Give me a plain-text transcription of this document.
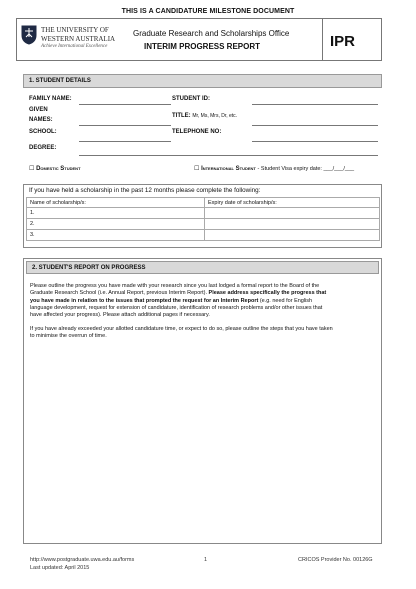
THIS IS A CANDIDATURE MILESTONE DOCUMENT
THE UNIVERSITY OF
WESTERN AUSTRALIA
Achieve International Excellence
Graduate Research and Scholarships Office
INTERIM PROGRESS REPORT	IPR
1. STUDENT DETAILS
FAMILY NAME:	STUDENT ID:
GIVEN
NAMES:
TITLE: Mr, Ms, Mrs, Dr, etc.
SCHOOL:	TELEPHONE NO:
DEGREE:
☐ Domestic Student	☐ International Student - Student Visa expiry date: ___/___/___
If you have held a scholarship in the past 12 months please complete the following:
Name of scholarship/s:	Expiry date of scholarship/s:
1.
2.
3.
2. STUDENT'S REPORT ON PROGRESS
Please outline the progress you have made with your research since you last lodged a formal report to the Board of the
Graduate Research School (i.e. Annual Report, previous Interim Report). Please address specifically the progress that
you have made in relation to the issues that prompted the request for an Interim Report (e.g. need for English
language development, request for extension of candidature, identification of research problems and/or other issues that
have affected your progress). Please attach additional pages if necessary.
If you have already exceeded your allotted candidature time, or expect to do so, please outline the steps that you have taken
to minimise the overrun of time.
http://www.postgraduate.uwa.edu.au/forms
Last updated: April 2015
1	CRICOS Provider No. 00126G
